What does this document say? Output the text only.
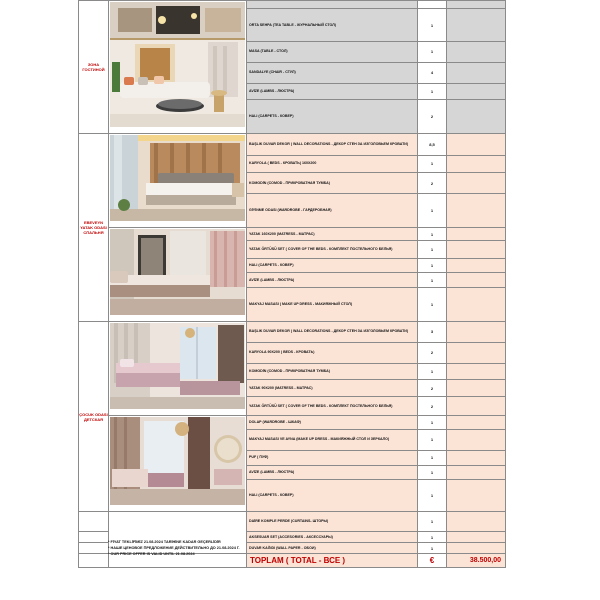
ЗОНА ГОСТИНОЙ	

		ORTA SEHPA (TEA TABLE - ЖУРНАЛЬНЫЙ СТОЛ)	1	
		MASA (TABLE - СТОЛ)	1	
		SANDALYE (CHAIR - СТУЛ)	4	
		AVİZE (LAMBS - ЛЮСТРА)	1	
		HALI (CARPETS - КОВЕР)	2	
EBEVEYN YATAK ODASI СПАЛЬНЯ		BAŞLIK DUVAR DEKOR ( WALL DECORATIONS - ДЕКОР СТЕН ЗА ИЗГОЛОВЬЕМ КРОВАТИ)	8,5	
		KARYOLA ( BEDS - КРОВАТЬ) 160X200	1	
		KOMODİN (COMOD - ПРИКРОВАТНАЯ ТУМБА)	2	
		GİYİNME ODASI (WARDROBE - ГАРДЕРОБНАЯ)	1	

	YATAK 160X200 (MATRESS - МАТРАС)	1	
		YATAK ÖRTÜSÜ SET ( COVER OF THE BEDS - КОМПЛЕКТ ПОСТЕЛЬНОГО БЕЛЬЯ)	1	
		HALI (CARPETS - КОВЕР)	1	
		AVİZE (LAMBS - ЛЮСТРА)	1	
		MAKYAJ MASASI ( MAKE UP DRESS - МАКИЯЖНЫЙ СТОЛ)	1	
ÇOCUK ODASI ДЕТСКАЯ		BAŞLIK DUVAR DEKOR ( WALL DECORATIONS - ДЕКОР СТЕН ЗА ИЗГОЛОВЬЕМ КРОВАТИ)	3	
		KARYOLA 90X200 ( BEDS - КРОВАТЬ)	2	
		KOMODİN (COMOD - ПРИКРОВАТНАЯ ТУМБА)	1	
		YATAK 90X200 (MATRESS - МАТРАС)	2	
		YATAK ÖRTÜSÜ SET ( COVER OF THE BEDS - КОМПЛЕКТ ПОСТЕЛЬНОГО БЕЛЬЯ)	2	

	DOLAP (WARDROBE - ШКАФ)	1	
		MAKYAJ MASASI VE AYNA (MAKE UP DRESS - МАКИЯЖНЫЙ СТОЛ И ЗЕРКАЛО)	1	
		PUF ( ПУФ)	1	
		AVİZE (LAMBS - ЛЮСТРА)	1	
		HALI (CARPETS - КОВЕР)	1	
		DAİRE KOMPLE PERDE (CURTAINS- ШТОРЫ)	1	
		AKSESUAR SET (ACCESORIES - АКСЕССУАРЫ)	1	
		DUVAR KAĞIDI (WALL PAPER - ОБОИ)	1	
		TOPLAM ( TOTAL - ВСЕ )	€	38.500,00
* FİYAT TEKLİFİMİZ 21.08.2024 TARİHİNE KADAR GEÇERLİDİR
* НАШЕ ЦЕНОВОЕ ПРЕДЛОЖЕНИЕ ДЕЙСТВИТЕЛЬНО ДО 21.08.2024 Г.
* OUR PRICE OFFER IS VALID UNTIL 21.08.2024
